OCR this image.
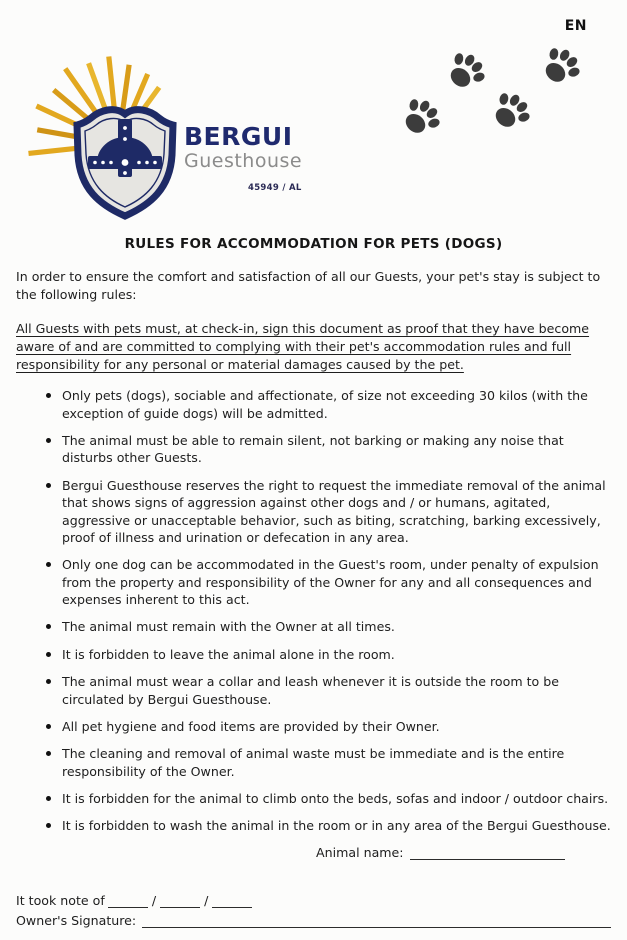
EN
BERGUI
Guesthouse
45949 / AL
RULES FOR ACCOMMODATION FOR PETS (DOGS)

In order to ensure the comfort and satisfaction of all our Guests, your pet's stay is subject to the following rules:

All Guests with pets must, at check-in, sign this document as proof that they have become aware of and are committed to complying with their pet's accommodation rules and full responsibility for any personal or material damages caused by the pet.

Only pets (dogs), sociable and affectionate, of size not exceeding 30 kilos (with the exception of guide dogs) will be admitted.
The animal must be able to remain silent, not barking or making any noise that disturbs other Guests.
Bergui Guesthouse reserves the right to request the immediate removal of the animal that shows signs of aggression against other dogs and / or humans, agitated, aggressive or unacceptable behavior, such as biting, scratching, barking excessively, proof of illness and urination or defecation in any area.
Only one dog can be accommodated in the Guest's room, under penalty of expulsion from the property and responsibility of the Owner for any and all consequences and expenses inherent to this act.
The animal must remain with the Owner at all times.
It is forbidden to leave the animal alone in the room.
The animal must wear a collar and leash whenever it is outside the room to be circulated by Bergui Guesthouse.
All pet hygiene and food items are provided by their Owner.
The cleaning and removal of animal waste must be immediate and is the entire responsibility of the Owner.
It is forbidden for the animal to climb onto the beds, sofas and indoor / outdoor chairs.
It is forbidden to wash the animal in the room or in any area of the Bergui Guesthouse.
Animal name:
It took note of	/	/
Owner's Signature:
